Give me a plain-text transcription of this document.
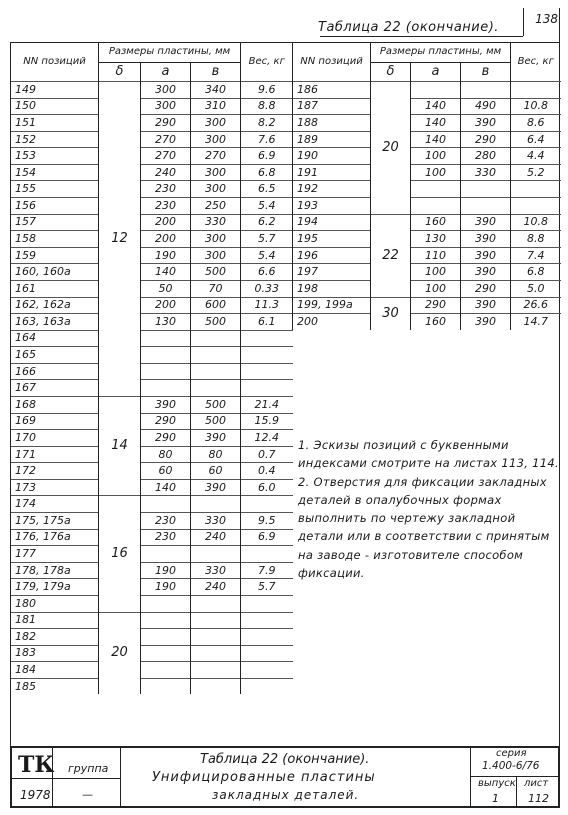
138
Таблица 22 (окончание).
NN позиций	Размеры пластины, мм			Вес, кг
	δ	a	в	
149	12	300	340	9.6
150		300	310	8.8
151		290	300	8.2
152		270	300	7.6
153		270	270	6.9
154		240	300	6.8
155		230	300	6.5
156		230	250	5.4
157		200	330	6.2
158		200	300	5.7
159		190	300	5.4
160, 160a		140	500	6.6
161		50	70	0.33
162, 162a		200	600	11.3
163, 163a		130	500	6.1
164				
165				
166				
167				
168	14	390	500	21.4
169		290	500	15.9
170		290	390	12.4
171		80	80	0.7
172		60	60	0.4
173		140	390	6.0
174	16			
175, 175a		230	330	9.5
176, 176a		230	240	6.9
177				
178, 178a		190	330	7.9
179, 179a		190	240	5.7
180				
181	20			
182				
183				
184				
185				
NN позиций	Размеры пластины, мм			Вес, кг
	δ	a	в	
186	20			
187		140	490	10.8
188		140	390	8.6
189		140	290	6.4
190		100	280	4.4
191		100	330	5.2
192				
193				
194	22	160	390	10.8
195		130	390	8.8
196		110	390	7.4
197		100	390	6.8
198		100	290	5.0
199, 199a	30	290	390	26.6
200		160	390	14.7

1. Эскизы позиций с буквенными индексами смотрите на листах 113, 114.

2. Отверстия для фиксации закладных деталей в опалубочных формах выполнить по чертежу закладной детали или в соответствии с принятым на заводе - изготовителе способом фиксации.

ТК группа
1978	—
Таблица 22 (окончание).
Унифицированные пластины
закладных деталей.
серия
1.400-6/76
выпуск
1
лист
112
